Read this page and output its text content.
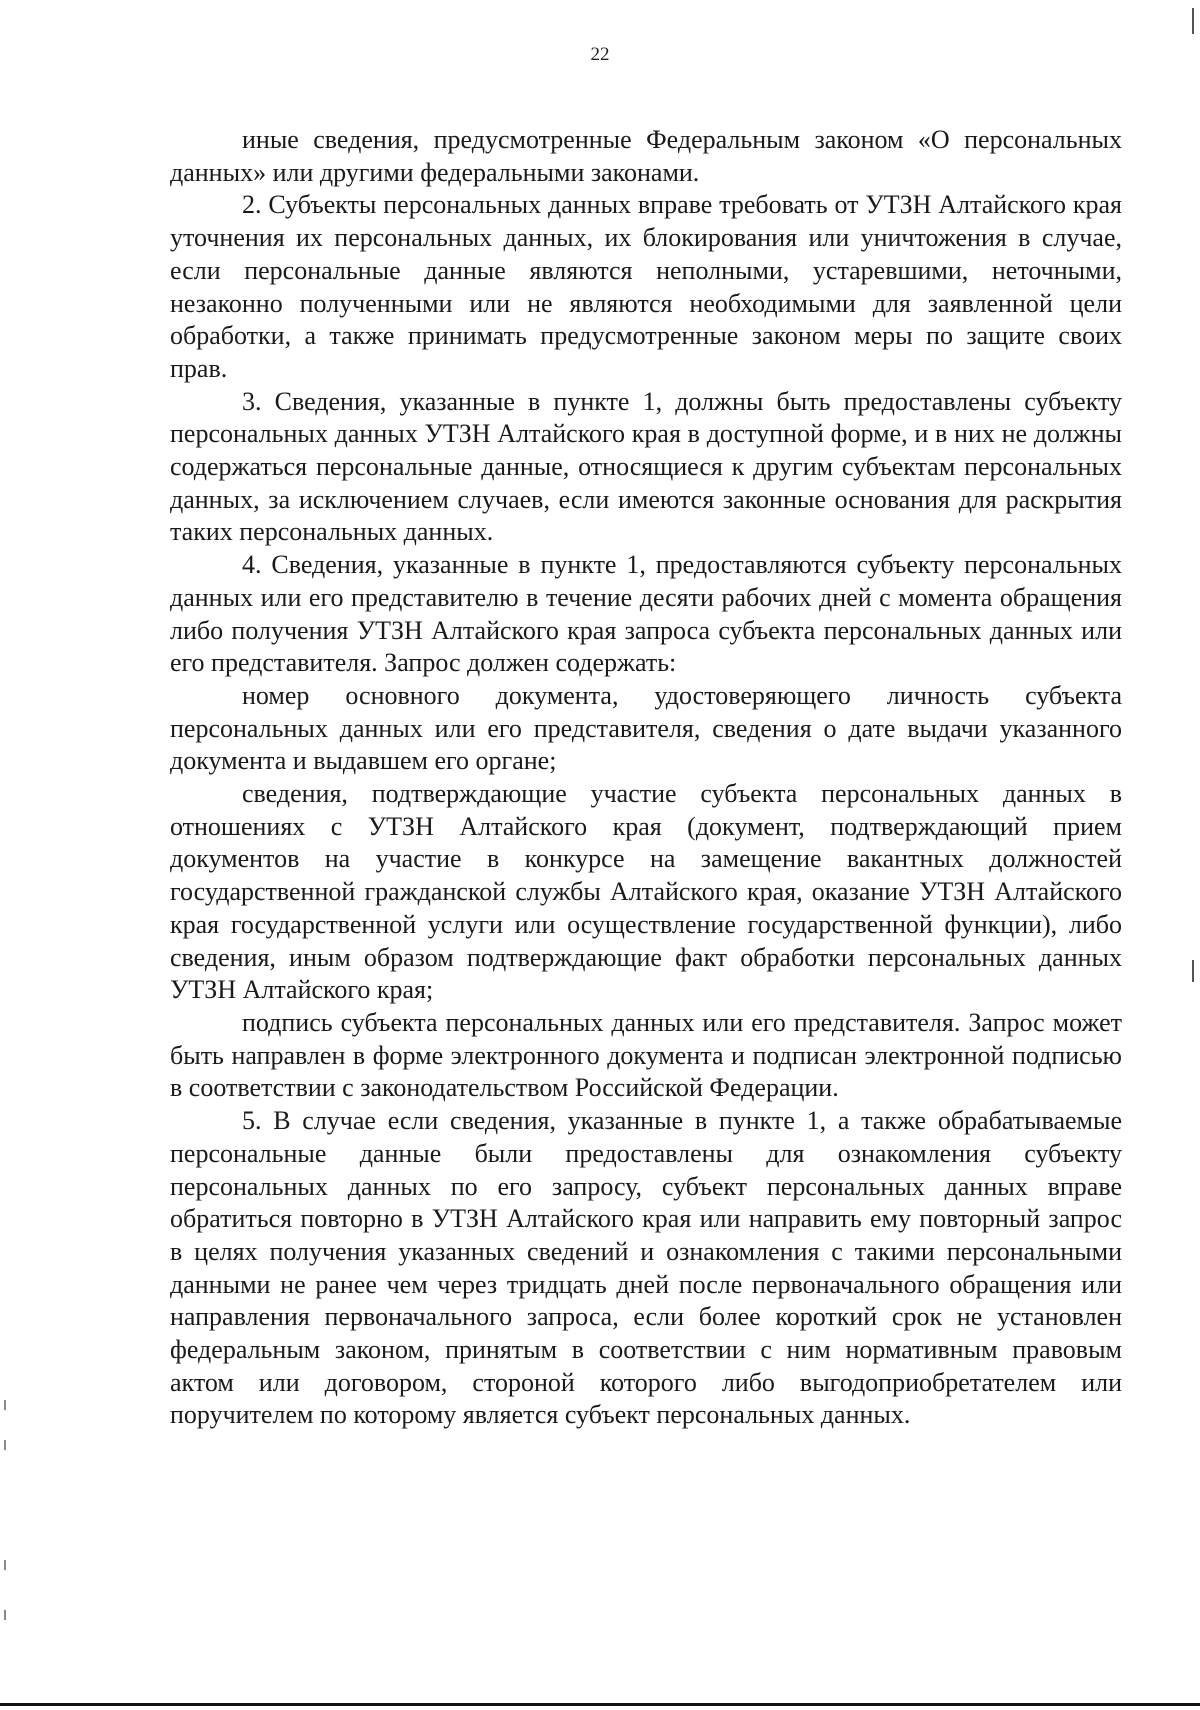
22

иные сведения, предусмотренные Федеральным законом «О персональных данных» или другими федеральными законами.

2. Субъекты персональных данных вправе требовать от УТЗН Алтайского края уточнения их персональных данных, их блокирования или уничтожения в случае, если персональные данные являются неполными, устаревшими, неточными, незаконно полученными или не являются необходимыми для заявленной цели обработки, а также принимать предусмотренные законом меры по защите своих прав.

3. Сведения, указанные в пункте 1, должны быть предоставлены субъекту персональных данных УТЗН Алтайского края в доступной форме, и в них не должны содержаться персональные данные, относящиеся к другим субъектам персональных данных, за исключением случаев, если имеются законные основания для раскрытия таких персональных данных.

4. Сведения, указанные в пункте 1, предоставляются субъекту персональных данных или его представителю в течение десяти рабочих дней с момента обращения либо получения УТЗН Алтайского края запроса субъекта персональных данных или его представителя. Запрос должен содержать:

номер основного документа, удостоверяющего личность субъекта персональных данных или его представителя, сведения о дате выдачи указанного документа и выдавшем его органе;

сведения, подтверждающие участие субъекта персональных данных в отношениях с УТЗН Алтайского края (документ, подтверждающий прием документов на участие в конкурсе на замещение вакантных должностей государственной гражданской службы Алтайского края, оказание УТЗН Алтайского края государственной услуги или осуществление государственной функции), либо сведения, иным образом подтверждающие факт обработки персональных данных УТЗН Алтайского края;

подпись субъекта персональных данных или его представителя. Запрос может быть направлен в форме электронного документа и подписан электронной подписью в соответствии с законодательством Российской Федерации.

5. В случае если сведения, указанные в пункте 1, а также обрабатываемые персональные данные были предоставлены для ознакомления субъекту персональных данных по его запросу, субъект персональных данных вправе обратиться повторно в УТЗН Алтайского края или направить ему повторный запрос в целях получения указанных сведений и ознакомления с такими персональными данными не ранее чем через тридцать дней после первоначального обращения или направления первоначального запроса, если более короткий срок не установлен федеральным законом, принятым в соответствии с ним нормативным правовым актом или договором, стороной которого либо выгодоприобретателем или поручителем по которому является субъект персональных данных.
